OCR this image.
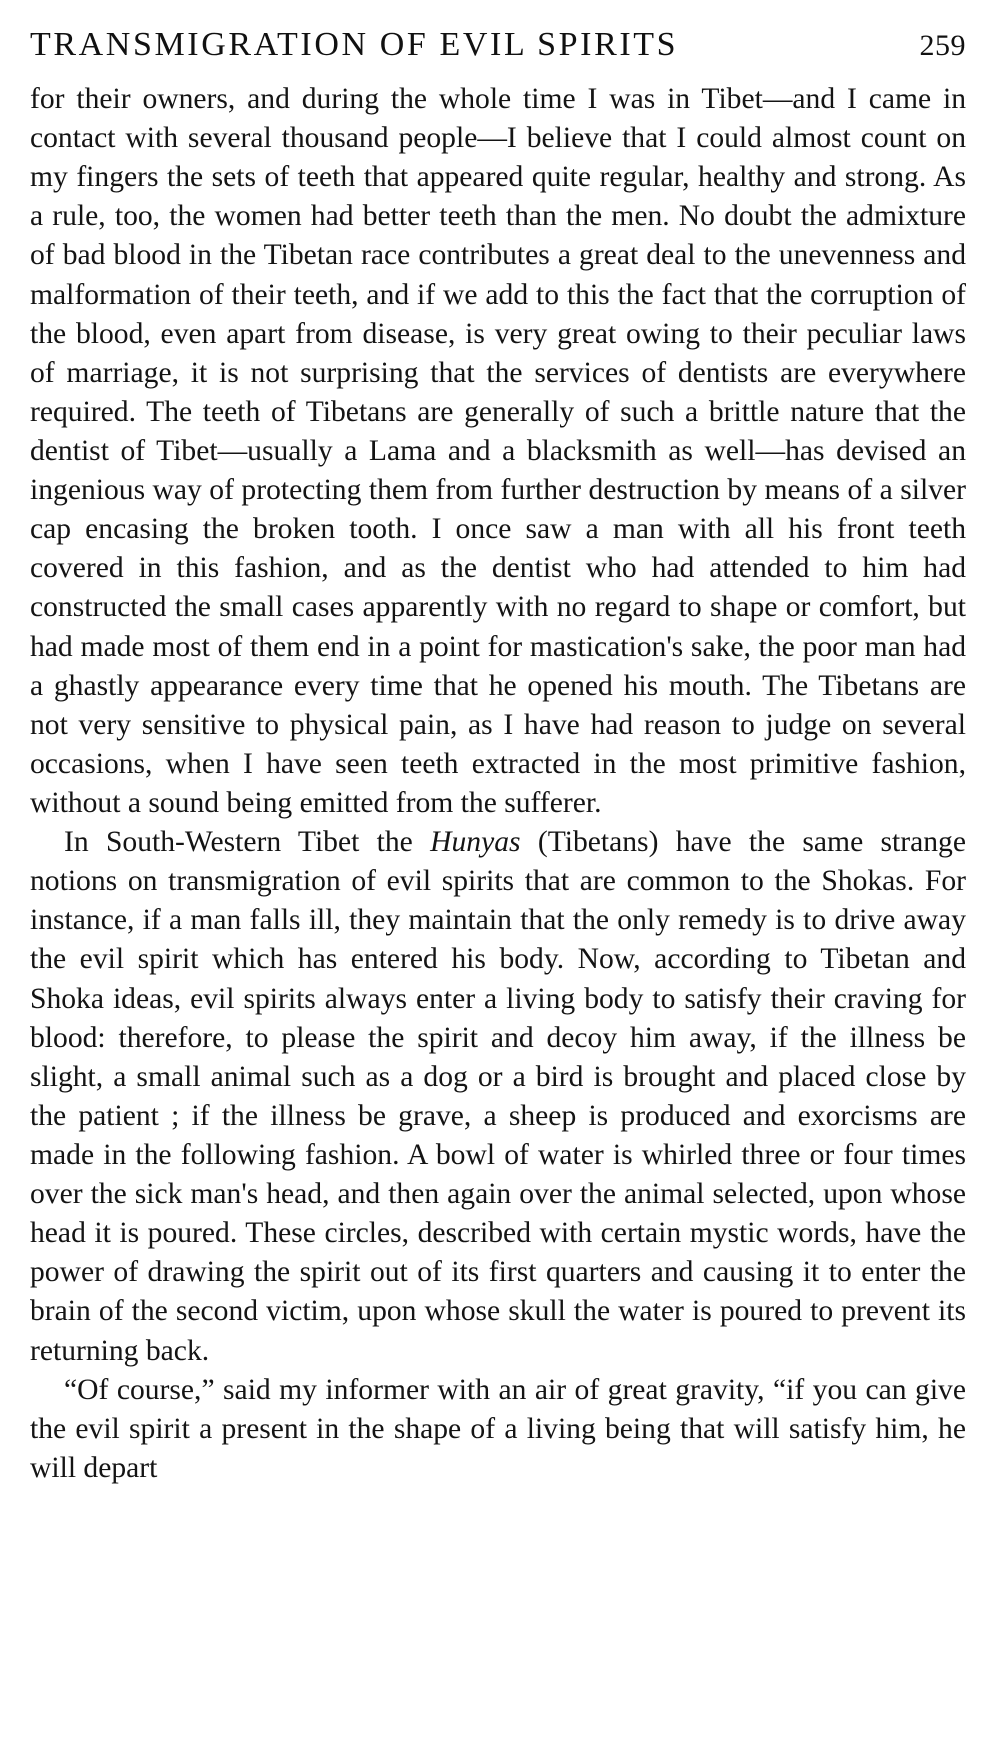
TRANSMIGRATION OF EVIL SPIRITS	259

for their owners, and during the whole time I was in Tibet—and I came in contact with several thousand people—I believe that I could almost count on my fingers the sets of teeth that appeared quite regular, healthy and strong. As a rule, too, the women had better teeth than the men. No doubt the admixture of bad blood in the Tibetan race contributes a great deal to the unevenness and malformation of their teeth, and if we add to this the fact that the corruption of the blood, even apart from disease, is very great owing to their peculiar laws of marriage, it is not surprising that the services of dentists are everywhere required. The teeth of Tibetans are generally of such a brittle nature that the dentist of Tibet—usually a Lama and a blacksmith as well—has devised an ingenious way of protecting them from further destruction by means of a silver cap encasing the broken tooth. I once saw a man with all his front teeth covered in this fashion, and as the dentist who had attended to him had constructed the small cases apparently with no regard to shape or comfort, but had made most of them end in a point for mastication's sake, the poor man had a ghastly appearance every time that he opened his mouth. The Tibetans are not very sensitive to physical pain, as I have had reason to judge on several occasions, when I have seen teeth extracted in the most primitive fashion, without a sound being emitted from the sufferer.

In South-Western Tibet the Hunyas (Tibetans) have the same strange notions on transmigration of evil spirits that are common to the Shokas. For instance, if a man falls ill, they maintain that the only remedy is to drive away the evil spirit which has entered his body. Now, according to Tibetan and Shoka ideas, evil spirits always enter a living body to satisfy their craving for blood: therefore, to please the spirit and decoy him away, if the illness be slight, a small animal such as a dog or a bird is brought and placed close by the patient ; if the illness be grave, a sheep is produced and exorcisms are made in the following fashion. A bowl of water is whirled three or four times over the sick man's head, and then again over the animal selected, upon whose head it is poured. These circles, described with certain mystic words, have the power of drawing the spirit out of its first quarters and causing it to enter the brain of the second victim, upon whose skull the water is poured to prevent its returning back.

“Of course,” said my informer with an air of great gravity, “if you can give the evil spirit a present in the shape of a living being that will satisfy him, he will depart
